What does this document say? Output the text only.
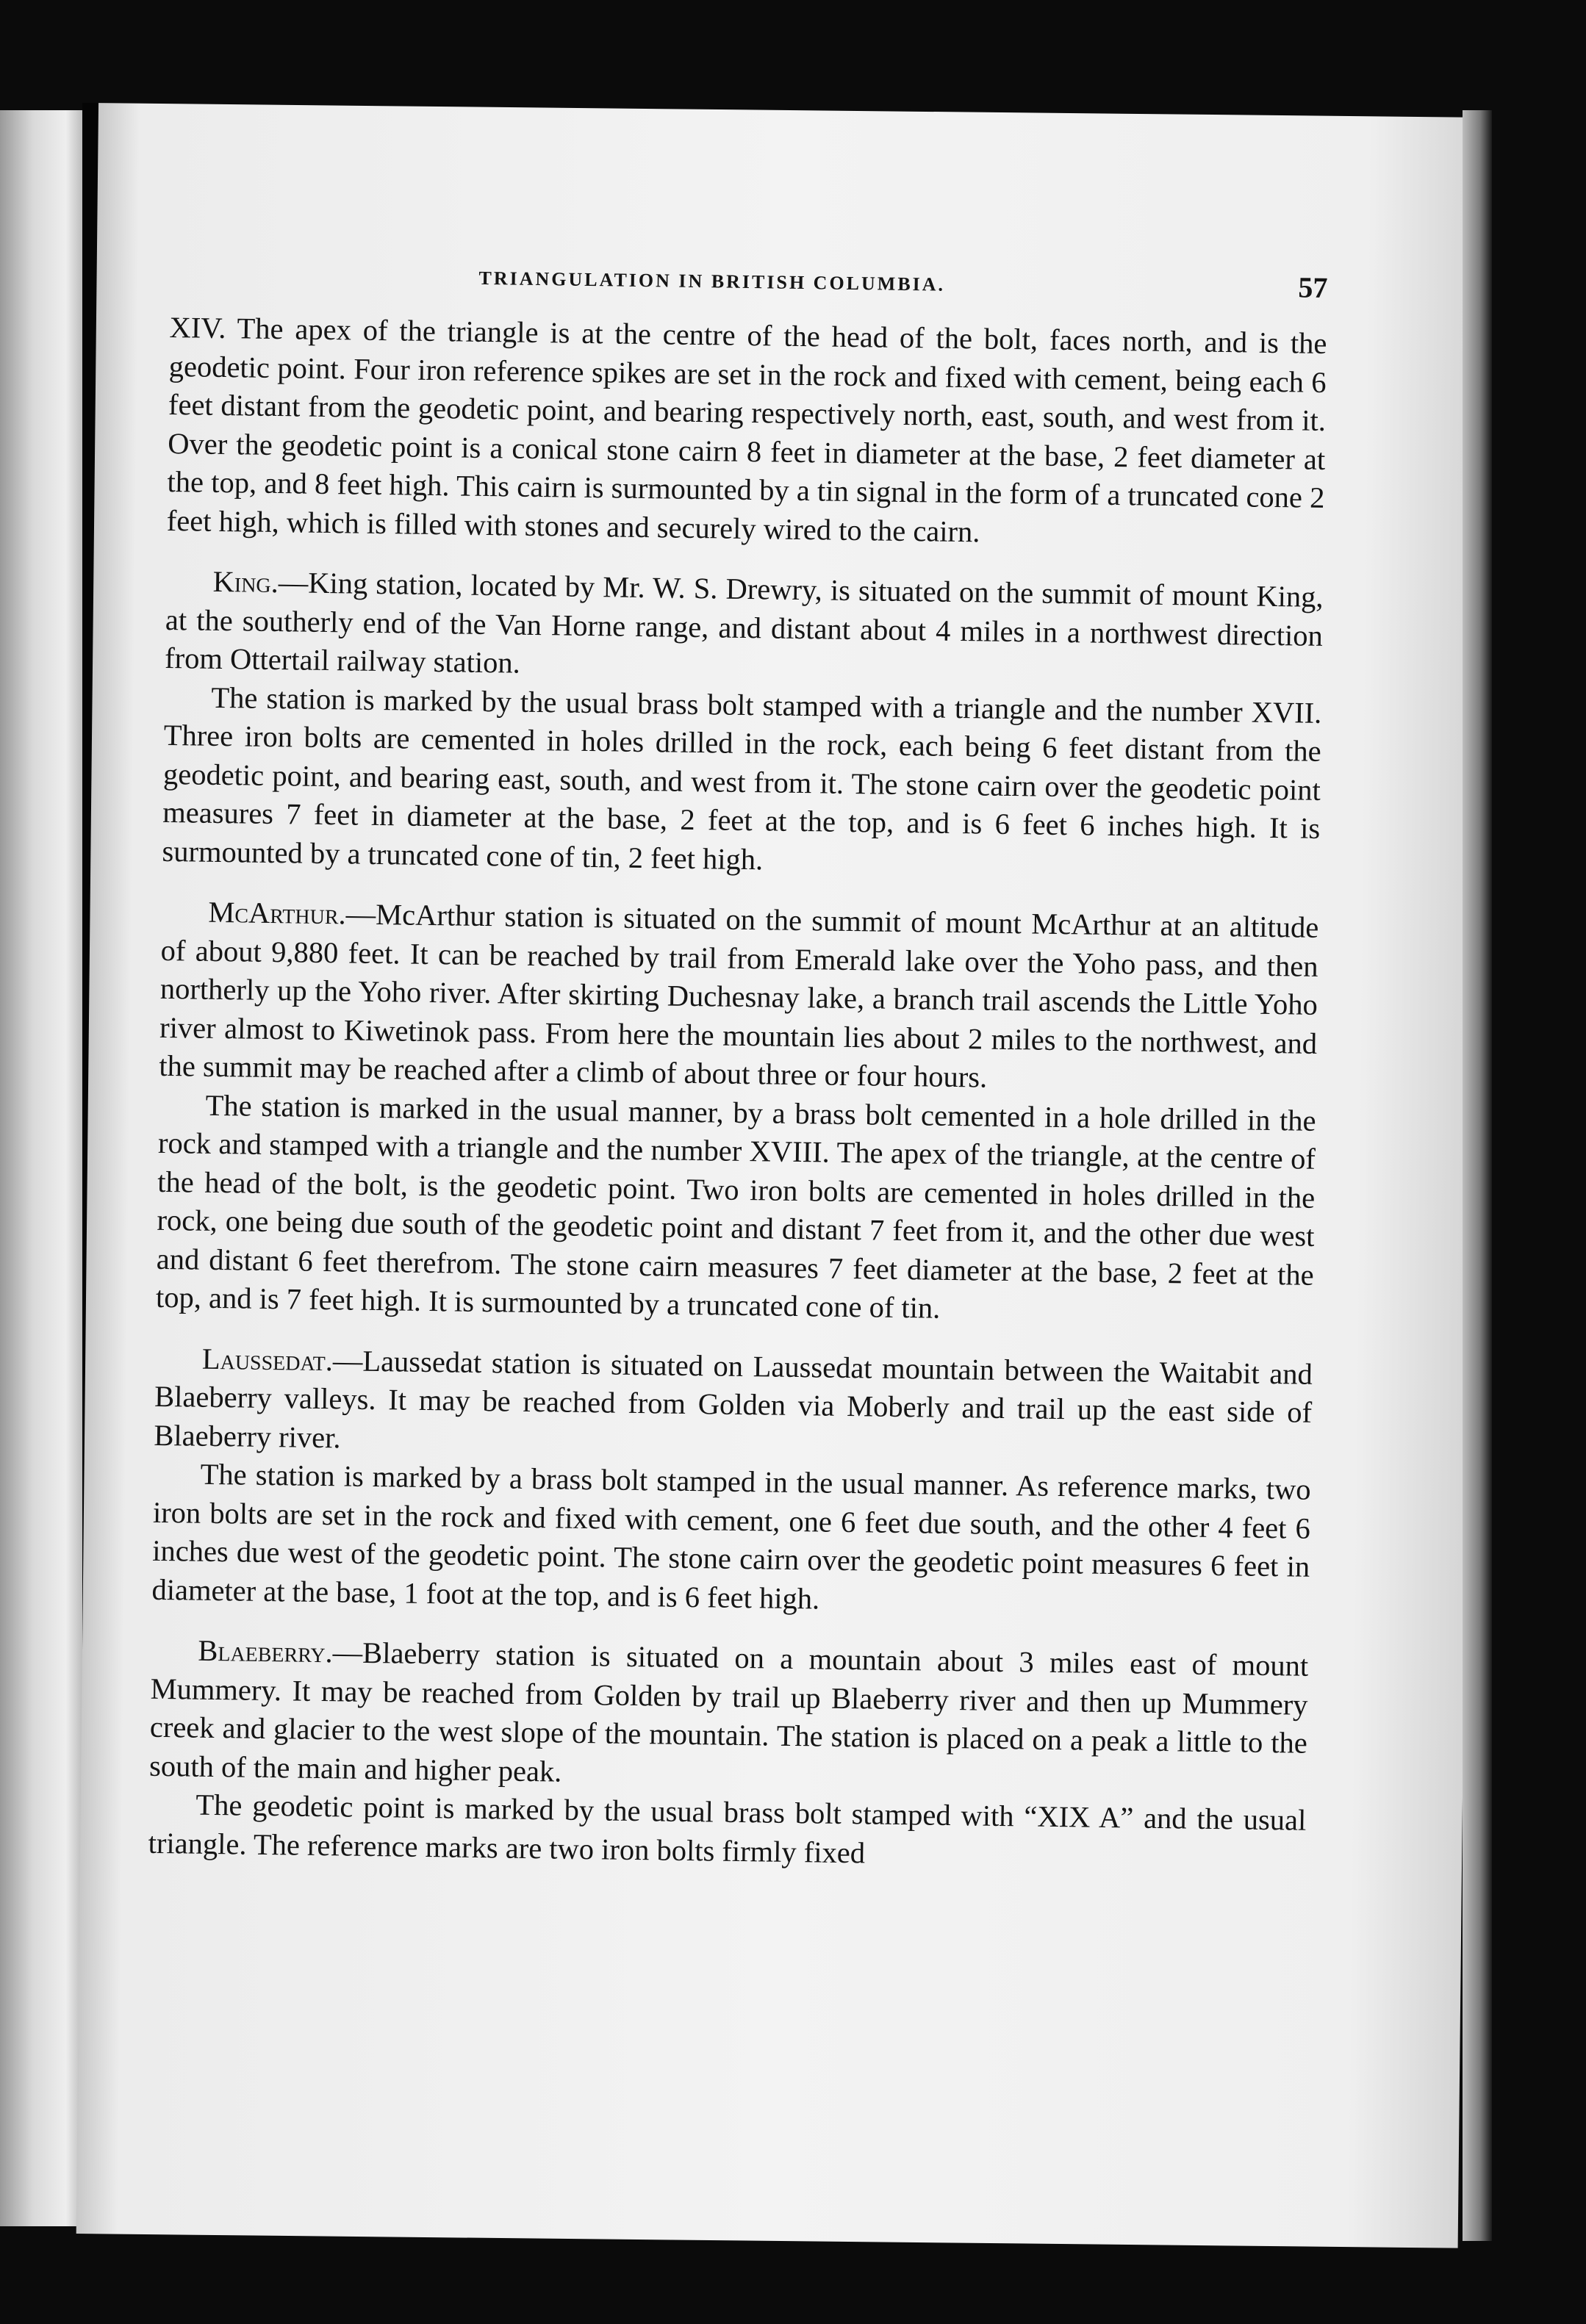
TRIANGULATION IN BRITISH COLUMBIA.	57

XIV. The apex of the triangle is at the centre of the head of the bolt, faces north, and is the geodetic point. Four iron reference spikes are set in the rock and fixed with cement, being each 6 feet distant from the geodetic point, and bearing respectively north, east, south, and west from it. Over the geodetic point is a conical stone cairn 8 feet in diameter at the base, 2 feet diameter at the top, and 8 feet high. This cairn is surmounted by a tin signal in the form of a truncated cone 2 feet high, which is filled with stones and securely wired to the cairn.

King.—King station, located by Mr. W. S. Drewry, is situated on the summit of mount King, at the southerly end of the Van Horne range, and distant about 4 miles in a northwest direction from Ottertail railway station.

The station is marked by the usual brass bolt stamped with a triangle and the number XVII. Three iron bolts are cemented in holes drilled in the rock, each being 6 feet distant from the geodetic point, and bearing east, south, and west from it. The stone cairn over the geodetic point measures 7 feet in diameter at the base, 2 feet at the top, and is 6 feet 6 inches high. It is surmounted by a truncated cone of tin, 2 feet high.

McArthur.—McArthur station is situated on the summit of mount McArthur at an altitude of about 9,880 feet. It can be reached by trail from Emerald lake over the Yoho pass, and then northerly up the Yoho river. After skirting Duchesnay lake, a branch trail ascends the Little Yoho river almost to Kiwetinok pass. From here the mountain lies about 2 miles to the northwest, and the summit may be reached after a climb of about three or four hours.

The station is marked in the usual manner, by a brass bolt cemented in a hole drilled in the rock and stamped with a triangle and the number XVIII. The apex of the triangle, at the centre of the head of the bolt, is the geodetic point. Two iron bolts are cemented in holes drilled in the rock, one being due south of the geodetic point and distant 7 feet from it, and the other due west and distant 6 feet therefrom. The stone cairn measures 7 feet diameter at the base, 2 feet at the top, and is 7 feet high. It is surmounted by a truncated cone of tin.

Laussedat.—Laussedat station is situated on Laussedat mountain between the Waitabit and Blaeberry valleys. It may be reached from Golden via Moberly and trail up the east side of Blaeberry river.

The station is marked by a brass bolt stamped in the usual manner. As reference marks, two iron bolts are set in the rock and fixed with cement, one 6 feet due south, and the other 4 feet 6 inches due west of the geodetic point. The stone cairn over the geodetic point measures 6 feet in diameter at the base, 1 foot at the top, and is 6 feet high.

Blaeberry.—Blaeberry station is situated on a mountain about 3 miles east of mount Mummery. It may be reached from Golden by trail up Blaeberry river and then up Mummery creek and glacier to the west slope of the mountain. The station is placed on a peak a little to the south of the main and higher peak.

The geodetic point is marked by the usual brass bolt stamped with “XIX A” and the usual triangle. The reference marks are two iron bolts firmly fixed
